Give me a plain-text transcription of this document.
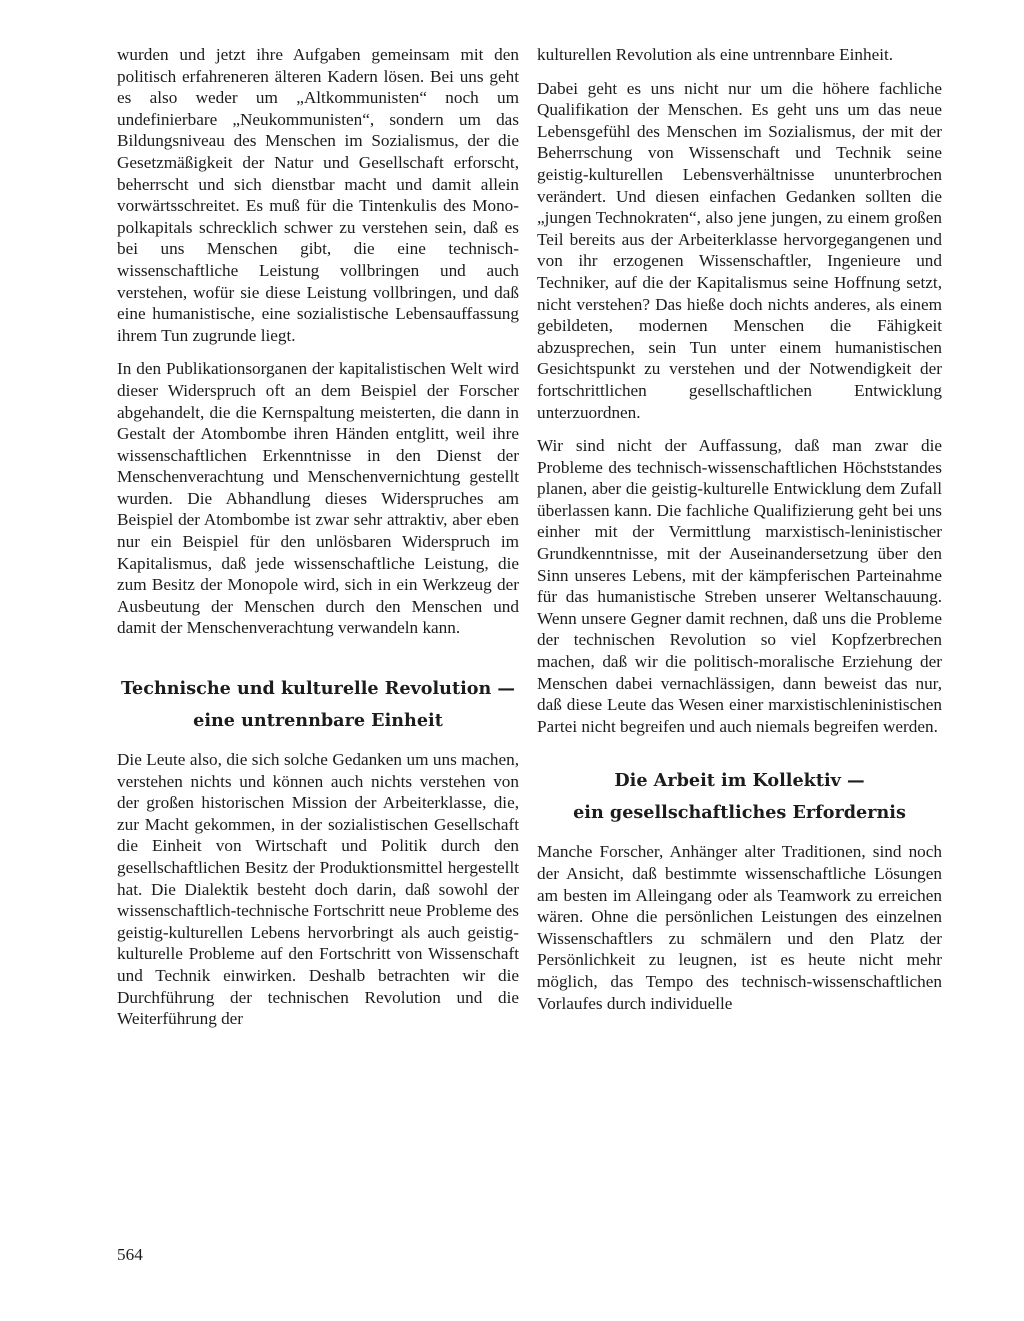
wurden und jetzt ihre Aufgaben gemeinsam mit den politisch erfahreneren älteren Kadern lösen. Bei uns geht es also weder um „Altkommunisten“ noch um undefinierbare „Neukommunisten“, sondern um das Bildungsniveau des Menschen im Sozialismus, der die Gesetzmäßigkeit der Natur und Gesellschaft erforscht, beherrscht und sich dienstbar macht und damit allein vorwärtsschreitet. Es muß für die Tintenkulis des Monopolkapitals schrecklich schwer zu verstehen sein, daß es bei uns Menschen gibt, die eine technisch-wissenschaftliche Leistung vollbringen und auch verstehen, wofür sie diese Leistung vollbringen, und daß eine humanistische, eine sozialistische Lebensauffassung ihrem Tun zugrunde liegt.

In den Publikationsorganen der kapitalistischen Welt wird dieser Widerspruch oft an dem Beispiel der Forscher abgehandelt, die die Kernspaltung meisterten, die dann in Gestalt der Atombombe ihren Händen entglitt, weil ihre wissenschaftlichen Erkenntnisse in den Dienst der Menschenverachtung und Menschenvernichtung gestellt wurden. Die Abhandlung dieses Widerspruches am Beispiel der Atombombe ist zwar sehr attraktiv, aber eben nur ein Beispiel für den unlösbaren Widerspruch im Kapitalismus, daß jede wissenschaftliche Leistung, die zum Besitz der Monopole wird, sich in ein Werkzeug der Ausbeutung der Menschen durch den Menschen und damit der Menschenverachtung verwandeln kann.

Technische und kulturelle Revolution —
eine untrennbare Einheit

Die Leute also, die sich solche Gedanken um uns machen, verstehen nichts und können auch nichts verstehen von der großen historischen Mission der Arbeiterklasse, die, zur Macht gekommen, in der sozialistischen Gesellschaft die Einheit von Wirtschaft und Politik durch den gesellschaftlichen Besitz der Produktionsmittel hergestellt hat. Die Dialektik besteht doch darin, daß sowohl der wissenschaftlich-technische Fortschritt neue Probleme des geistig-kulturellen Lebens hervorbringt als auch geistigkulturelle Probleme auf den Fortschritt von Wissenschaft und Technik einwirken. Deshalb betrachten wir die Durchführung der technischen Revolution und die Weiterführung der

kulturellen Revolution als eine untrennbare Einheit.

Dabei geht es uns nicht nur um die höhere fachliche Qualifikation der Menschen. Es geht uns um das neue Lebensgefühl des Menschen im Sozialismus, der mit der Beherrschung von Wissenschaft und Technik seine geistig-kulturellen Lebensverhältnisse ununterbrochen verändert. Und diesen einfachen Gedanken sollten die „jungen Technokraten“, also jene jungen, zu einem großen Teil bereits aus der Arbeiterklasse hervorgegangenen und von ihr erzogenen Wissenschaftler, Ingenieure und Techniker, auf die der Kapitalismus seine Hoffnung setzt, nicht verstehen? Das hieße doch nichts anderes, als einem gebildeten, modernen Menschen die Fähigkeit abzusprechen, sein Tun unter einem humanistischen Gesichtspunkt zu verstehen und der Notwendigkeit der fortschrittlichen gesellschaftlichen Entwicklung unterzuordnen.

Wir sind nicht der Auffassung, daß man zwar die Probleme des technisch-wissenschaftlichen Höchststandes planen, aber die geistig-kulturelle Entwicklung dem Zufall überlassen kann. Die fachliche Qualifizierung geht bei uns einher mit der Vermittlung marxistisch-leninistischer Grundkenntnisse, mit der Auseinandersetzung über den Sinn unseres Lebens, mit der kämpferischen Parteinahme für das humanistische Streben unserer Weltanschauung. Wenn unsere Gegner damit rechnen, daß uns die Probleme der technischen Revolution so viel Kopfzerbrechen machen, daß wir die politisch-moralische Erziehung der Menschen dabei vernachlässigen, dann beweist das nur, daß diese Leute das Wesen einer marxistischleninistischen Partei nicht begreifen und auch niemals begreifen werden.

Die Arbeit im Kollektiv —
ein gesellschaftliches Erfordernis

Manche Forscher, Anhänger alter Traditionen, sind noch der Ansicht, daß bestimmte wissenschaftliche Lösungen am besten im Alleingang oder als Teamwork zu erreichen wären. Ohne die persönlichen Leistungen des einzelnen Wissenschaftlers zu schmälern und den Platz der Persönlichkeit zu leugnen, ist es heute nicht mehr möglich, das Tempo des technisch-wissenschaftlichen Vorlaufes durch individuelle

564
